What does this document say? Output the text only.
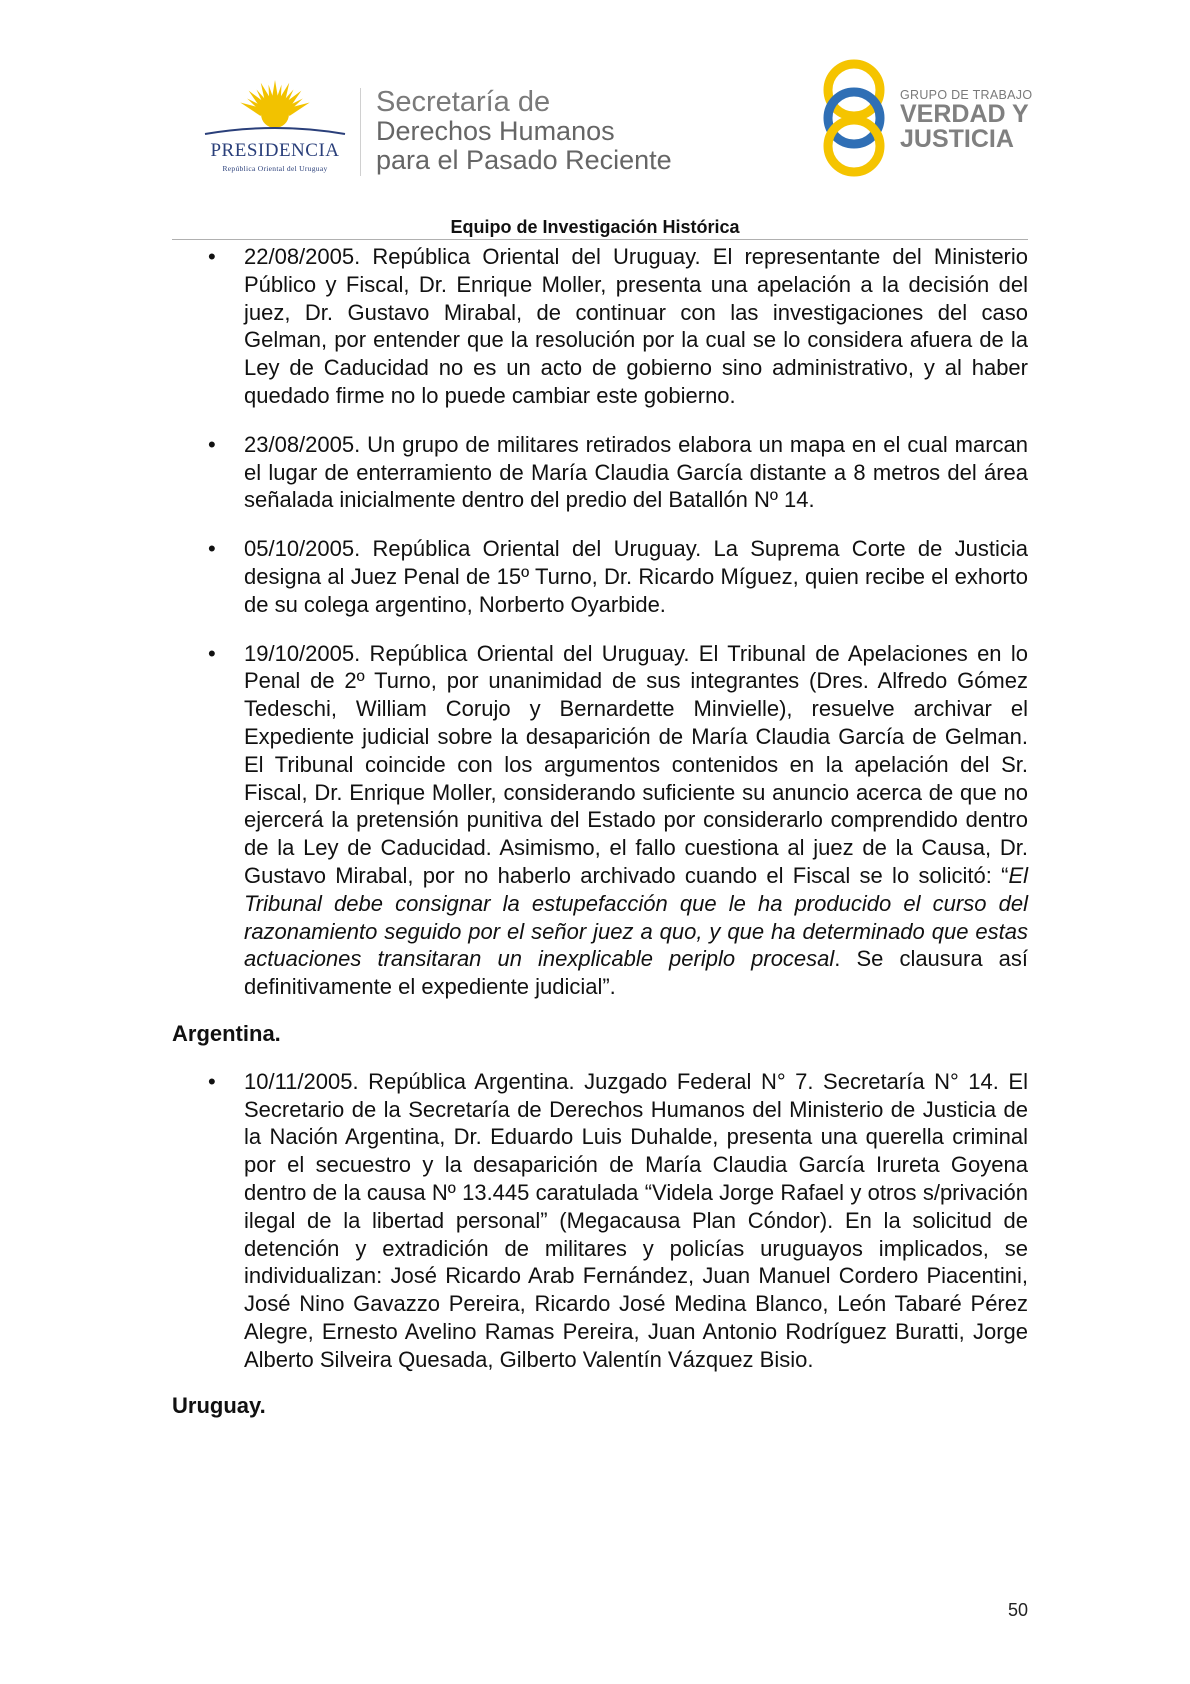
PRESIDENCIA
República Oriental del Uruguay
Secretaría de
Derechos Humanos
para el Pasado Reciente
GRUPO DE TRABAJO
VERDAD Y
JUSTICIA
Equipo de Investigación Histórica
• 22/08/2005. República Oriental del Uruguay. El representante del Ministerio Público y Fiscal, Dr. Enrique Moller, presenta una apelación a la decisión del juez, Dr. Gustavo Mirabal, de continuar con las investigaciones del caso Gelman, por entender que la resolución por la cual se lo considera afuera de la Ley de Caducidad no es un acto de gobierno sino administrativo, y al haber quedado firme no lo puede cambiar este gobierno.
• 23/08/2005. Un grupo de militares retirados elabora un mapa en el cual marcan el lugar de enterramiento de María Claudia García distante a 8 metros del área señalada inicialmente dentro del predio del Batallón Nº 14.
• 05/10/2005. República Oriental del Uruguay. La Suprema Corte de Justicia designa al Juez Penal de 15º Turno, Dr. Ricardo Míguez, quien recibe el exhorto de su colega argentino, Norberto Oyarbide.
• 19/10/2005. República Oriental del Uruguay. El Tribunal de Apelaciones en lo Penal de 2º Turno, por unanimidad de sus integrantes (Dres. Alfredo Gómez Tedeschi, William Corujo y Bernardette Minvielle), resuelve archivar el Expediente judicial sobre la desaparición de María Claudia García de Gelman. El Tribunal coincide con los argumentos contenidos en la apelación del Sr. Fiscal, Dr. Enrique Moller, considerando suficiente su anuncio acerca de que no ejercerá la pretensión punitiva del Estado por considerarlo comprendido dentro de la Ley de Caducidad. Asimismo, el fallo cuestiona al juez de la Causa, Dr. Gustavo Mirabal, por no haberlo archivado cuando el Fiscal se lo solicitó: “El Tribunal debe consignar la estupefacción que le ha producido el curso del razonamiento seguido por el señor juez a quo, y que ha determinado que estas actuaciones transitaran un inexplicable periplo procesal. Se clausura así definitivamente el expediente judicial”.
Argentina.
• 10/11/2005. República Argentina. Juzgado Federal N° 7. Secretaría N° 14. El Secretario de la Secretaría de Derechos Humanos del Ministerio de Justicia de la Nación Argentina, Dr. Eduardo Luis Duhalde, presenta una querella criminal por el secuestro y la desaparición de María Claudia García Irureta Goyena dentro de la causa Nº 13.445 caratulada “Videla Jorge Rafael y otros s/privación ilegal de la libertad personal” (Megacausa Plan Cóndor). En la solicitud de detención y extradición de militares y policías uruguayos implicados, se individualizan: José Ricardo Arab Fernández, Juan Manuel Cordero Piacentini, José Nino Gavazzo Pereira, Ricardo José Medina Blanco, León Tabaré Pérez Alegre, Ernesto Avelino Ramas Pereira, Juan Antonio Rodríguez Buratti, Jorge Alberto Silveira Quesada, Gilberto Valentín Vázquez Bisio.
Uruguay.
50
